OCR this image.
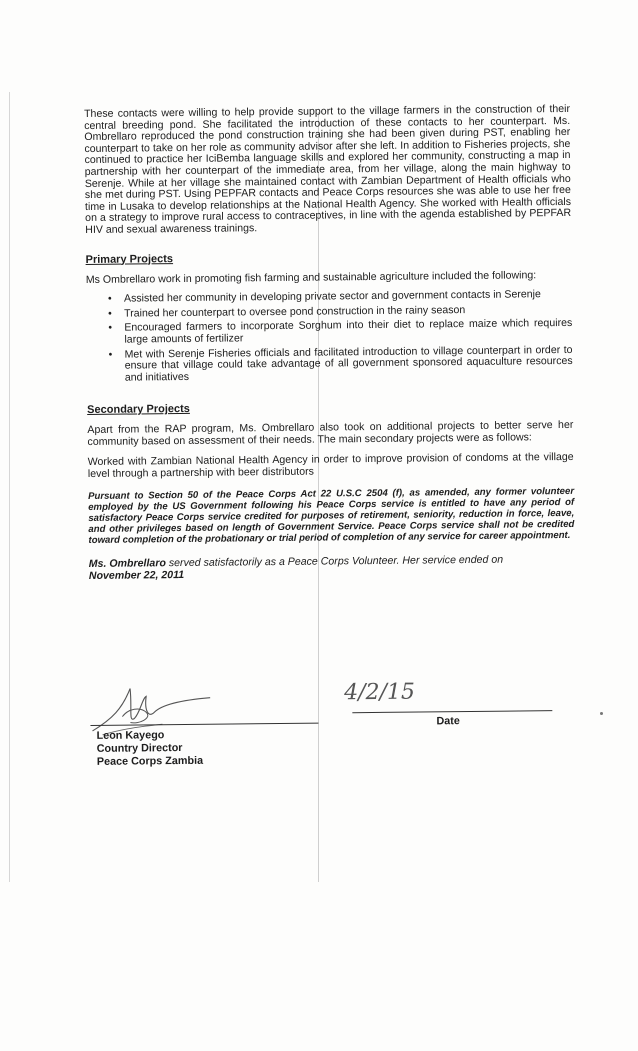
These contacts were willing to help provide support to the village farmers in the construction of their central breeding pond. She facilitated the introduction of these contacts to her counterpart. Ms. Ombrellaro reproduced the pond construction training she had been given during PST, enabling her counterpart to take on her role as community advisor after she left. In addition to Fisheries projects, she continued to practice her IciBemba language skills and explored her community, constructing a map in partnership with her counterpart of the immediate area, from her village, along the main highway to Serenje. While at her village she maintained contact with Zambian Department of Health officials who she met during PST. Using PEPFAR contacts and Peace Corps resources she was able to use her free time in Lusaka to develop relationships at the National Health Agency. She worked with Health officials on a strategy to improve rural access to contraceptives, in line with the agenda established by PEPFAR HIV and sexual awareness trainings.

Primary Projects

Ms Ombrellaro work in promoting fish farming and sustainable agriculture included the following:

• Assisted her community in developing private sector and government contacts in Serenje
• Trained her counterpart to oversee pond construction in the rainy season
• Encouraged farmers to incorporate Sorghum into their diet to replace maize which requires large amounts of fertilizer
• Met with Serenje Fisheries officials and facilitated introduction to village counterpart in order to ensure that village could take advantage of all government sponsored aquaculture resources and initiatives

Secondary Projects

Apart from the RAP program, Ms. Ombrellaro also took on additional projects to better serve her community based on assessment of their needs. The main secondary projects were as follows:

Worked with Zambian National Health Agency in order to improve provision of condoms at the village level through a partnership with beer distributors

Pursuant to Section 50 of the Peace Corps Act 22 U.S.C 2504 (f), as amended, any former volunteer employed by the US Government following his Peace Corps service is entitled to have any period of satisfactory Peace Corps service credited for purposes of retirement, seniority, reduction in force, leave, and other privileges based on length of Government Service. Peace Corps service shall not be credited toward completion of the probationary or trial period of completion of any service for career appointment.

Ms. Ombrellaro served satisfactorily as a Peace Corps Volunteer. Her service ended on
November 22, 2011

Leon Kayego
Country Director
Peace Corps Zambia
4/2/15
Date
